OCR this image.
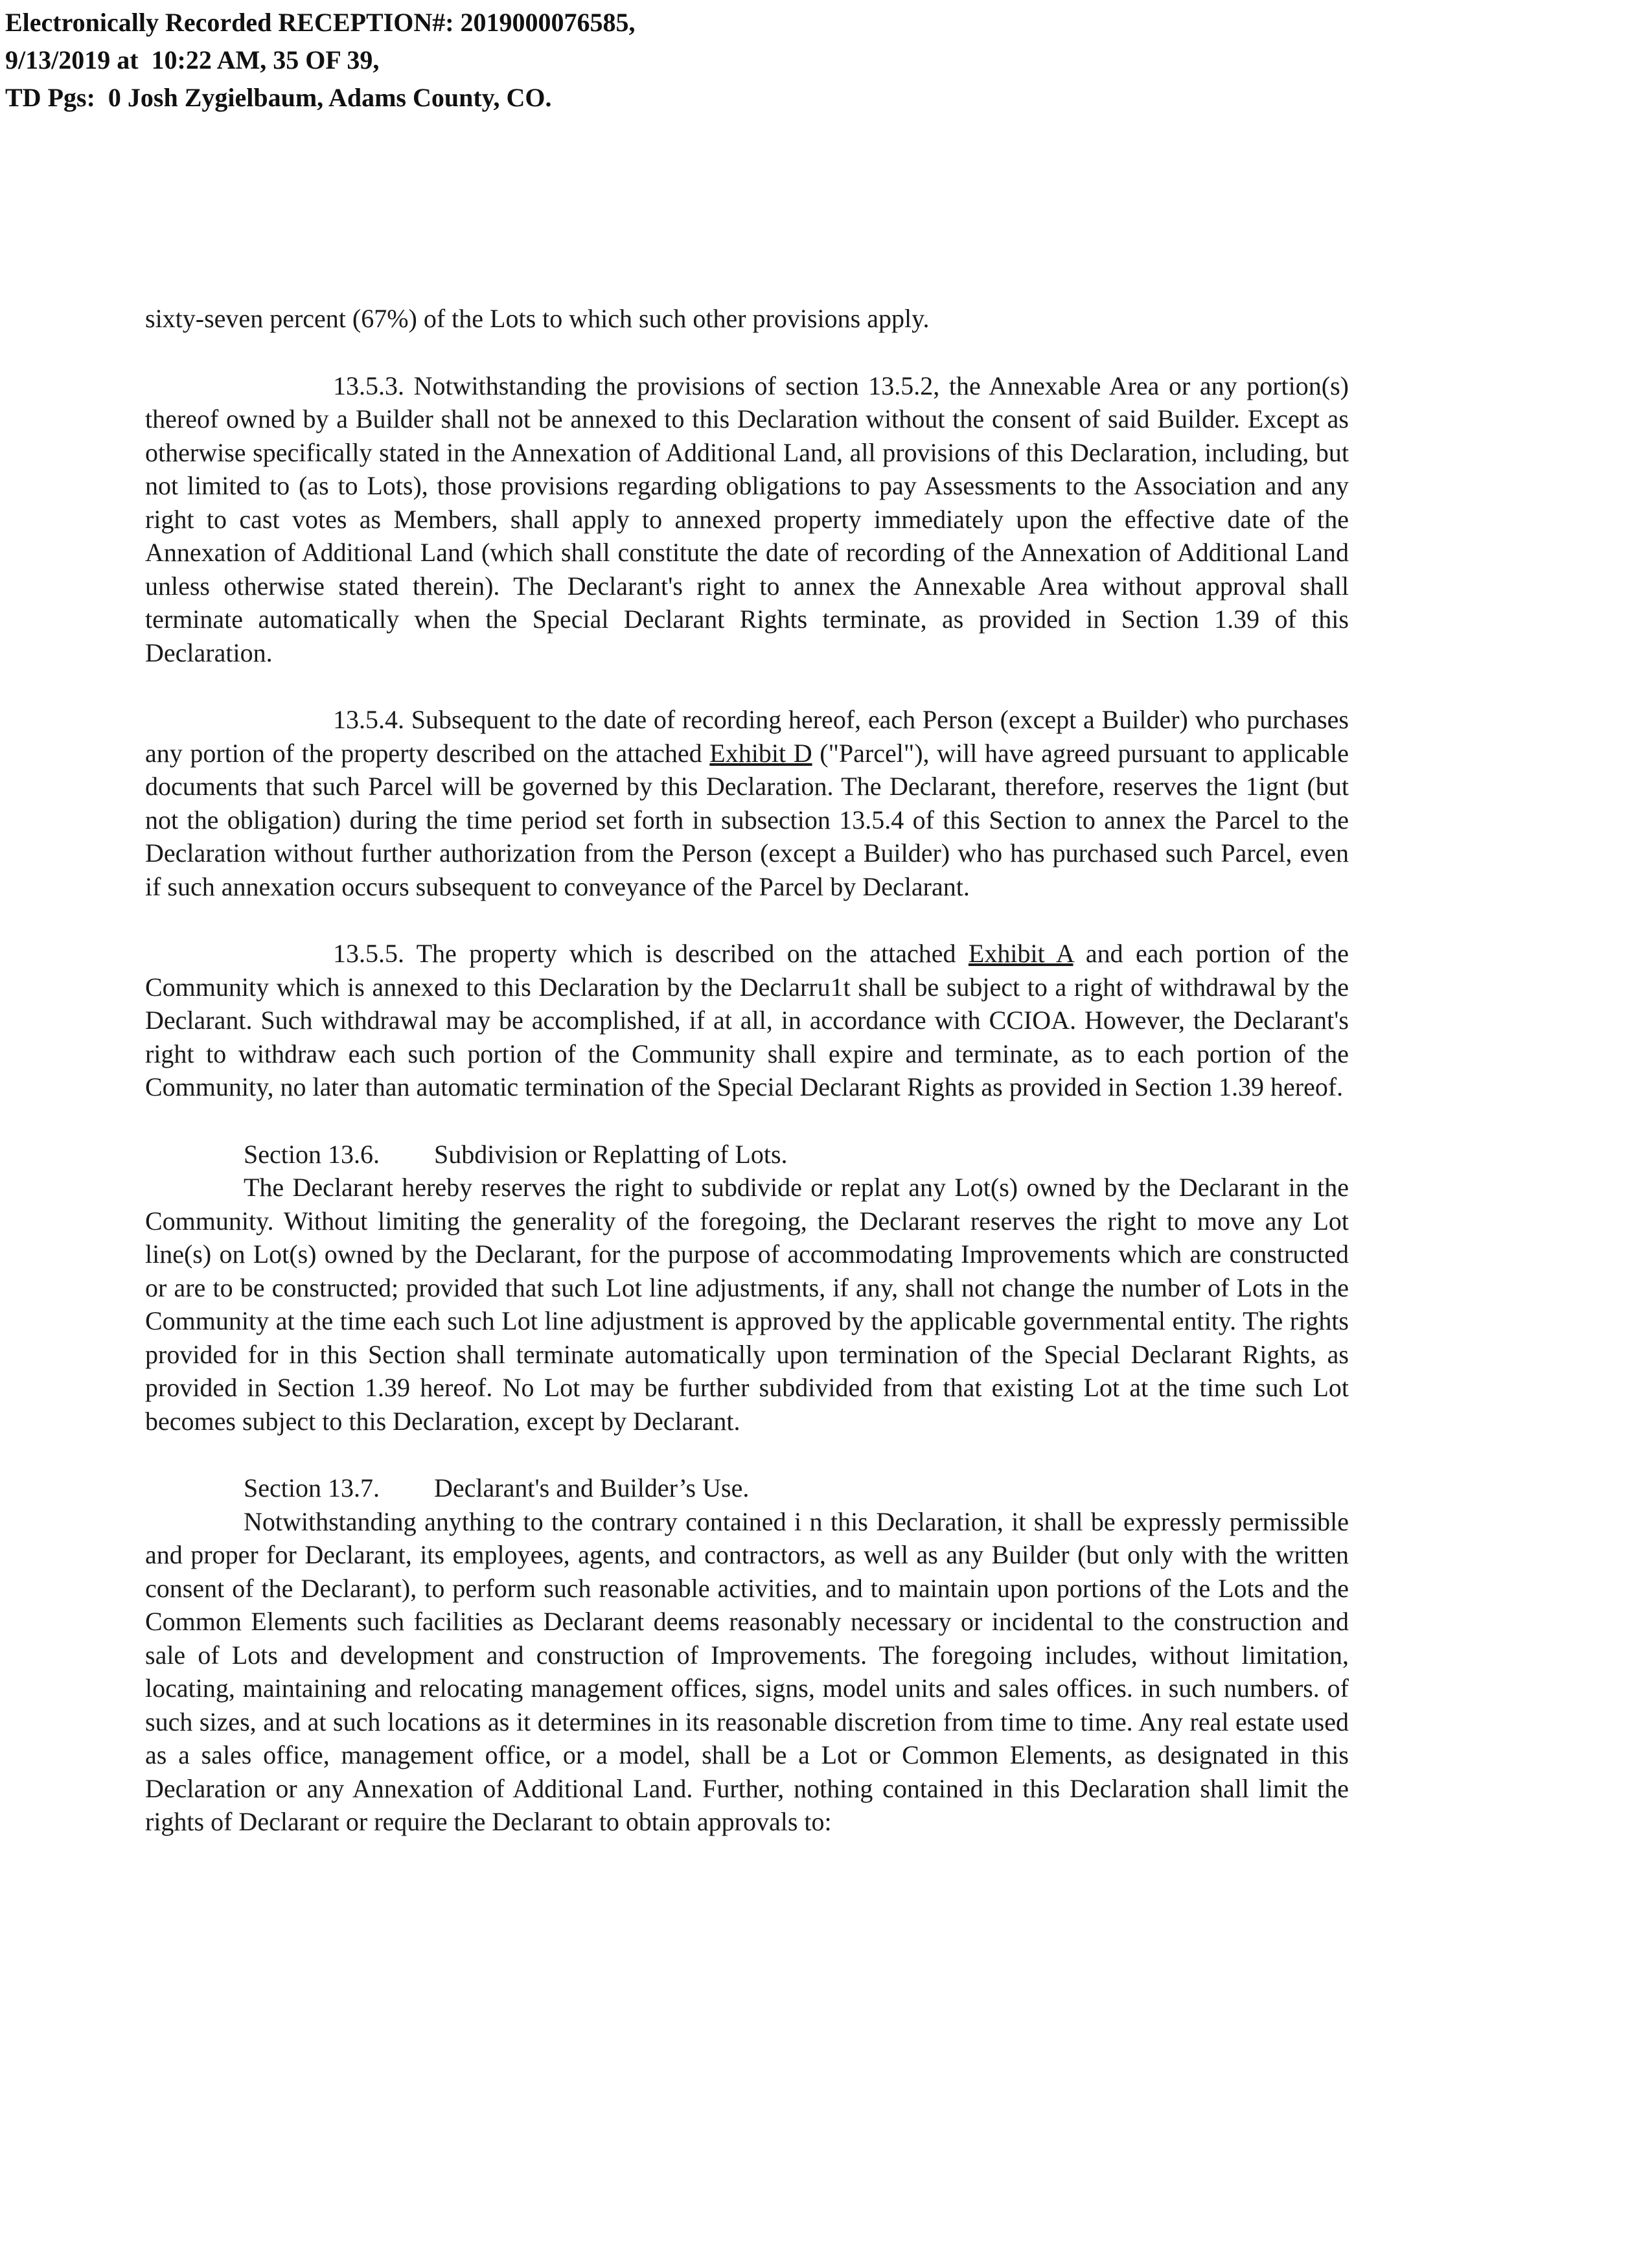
Electronically Recorded RECEPTION#: 2019000076585,
9/13/2019 at  10:22 AM, 35 OF 39,
TD Pgs:  0 Josh Zygielbaum, Adams County, CO.

sixty-seven percent (67%) of the Lots to which such other provisions apply.

13.5.3. Notwithstanding the provisions of section 13.5.2, the Annexable Area or any portion(s) thereof owned by a Builder shall not be annexed to this Declaration without the consent of said Builder. Except as otherwise specifically stated in the Annexation of Additional Land, all provisions of this Declaration, including, but not limited to (as to Lots), those provisions regarding obligations to pay Assessments to the Association and any right to cast votes as Members, shall apply to annexed property immediately upon the effective date of the Annexation of Additional Land (which shall constitute the date of recording of the Annexation of Additional Land unless otherwise stated therein). The Declarant's right to annex the Annexable Area without approval shall terminate automatically when the Special Declarant Rights terminate, as provided in Section 1.39 of this Declaration.

13.5.4. Subsequent to the date of recording hereof, each Person (except a Builder) who purchases any portion of the property described on the attached Exhibit D ("Parcel"), will have agreed pursuant to applicable documents that such Parcel will be governed by this Declaration. The Declarant, therefore, reserves the 1ignt (but not the obligation) during the time period set forth in subsection 13.5.4 of this Section to annex the Parcel to the Declaration without further authorization from the Person (except a Builder) who has purchased such Parcel, even if such annexation occurs subsequent to conveyance of the Parcel by Declarant.

13.5.5. The property which is described on the attached Exhibit A and each portion of the Community which is annexed to this Declaration by the Declarru1t shall be subject to a right of withdrawal by the Declarant. Such withdrawal may be accomplished, if at all, in accordance with CCIOA. However, the Declarant's right to withdraw each such portion of the Community shall expire and terminate, as to each portion of the Community, no later than automatic termination of the Special Declarant Rights as provided in Section 1.39 hereof.

Section 13.6. Subdivision or Replatting of Lots.

The Declarant hereby reserves the right to subdivide or replat any Lot(s) owned by the Declarant in the Community. Without limiting the generality of the foregoing, the Declarant reserves the right to move any Lot line(s) on Lot(s) owned by the Declarant, for the purpose of accommodating Improvements which are constructed or are to be constructed; provided that such Lot line adjustments, if any, shall not change the number of Lots in the Community at the time each such Lot line adjustment is approved by the applicable governmental entity. The rights provided for in this Section shall terminate automatically upon termination of the Special Declarant Rights, as provided in Section 1.39 hereof. No Lot may be further subdivided from that existing Lot at the time such Lot becomes subject to this Declaration, except by Declarant.

Section 13.7. Declarant's and Builder’s Use.

Notwithstanding anything to the contrary contained i n this Declaration, it shall be expressly permissible and proper for Declarant, its employees, agents, and contractors, as well as any Builder (but only with the written consent of the Declarant), to perform such reasonable activities, and to maintain upon portions of the Lots and the Common Elements such facilities as Declarant deems reasonably necessary or incidental to the construction and sale of Lots and development and construction of Improvements. The foregoing includes, without limitation, locating, maintaining and relocating management offices, signs, model units and sales offices. in such numbers. of such sizes, and at such locations as it determines in its reasonable discretion from time to time. Any real estate used as a sales office, management office, or a model, shall be a Lot or Common Elements, as designated in this Declaration or any Annexation of Additional Land. Further, nothing contained in this Declaration shall limit the rights of Declarant or require the Declarant to obtain approvals to:
